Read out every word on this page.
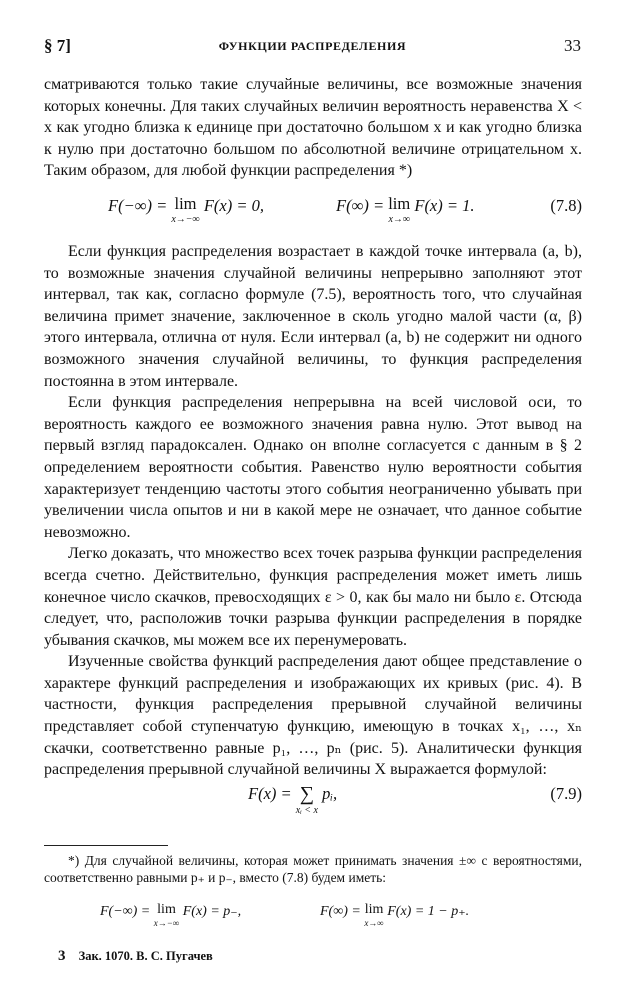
§ 7]	ФУНКЦИИ РАСПРЕДЕЛЕНИЯ	33

сматриваются только такие случайные величины, все возможные значения которых конечны. Для таких случайных величин вероятность неравенства X < x как угодно близка к единице при достаточно большом x и как угодно близка к нулю при достаточно большом по абсолютной величине отрицательном x. Таким образом, для любой функции распределения *)

F(−∞) = lim
x→−∞
F(x) = 0,	F(∞) = lim
x→∞
F(x) = 1.	(7.8)

Если функция распределения возрастает в каждой точке интервала (a, b), то возможные значения случайной величины непрерывно заполняют этот интервал, так как, согласно формуле (7.5), вероятность того, что случайная величина примет значение, заключенное в сколь угодно малой части (α, β) этого интервала, отлична от нуля. Если интервал (a, b) не содержит ни одного возможного значения случайной величины, то функция распределения постоянна в этом интервале.

Если функция распределения непрерывна на всей числовой оси, то вероятность каждого ее возможного значения равна нулю. Этот вывод на первый взгляд парадоксален. Однако он вполне согласуется с данным в § 2 определением вероятности события. Равенство нулю вероятности события характеризует тенденцию частоты этого события неограниченно убывать при увеличении числа опытов и ни в какой мере не означает, что данное событие невозможно.

Легко доказать, что множество всех точек разрыва функции распределения всегда счетно. Действительно, функция распределения может иметь лишь конечное число скачков, превосходящих ε > 0, как бы мало ни было ε. Отсюда следует, что, расположив точки разрыва функции распределения в порядке убывания скачков, мы можем все их перенумеровать.

Изученные свойства функций распределения дают общее представление о характере функций распределения и изображающих их кривых (рис. 4). В частности, функция распределения прерывной случайной величины представляет собой ступенчатую функцию, имеющую в точках x₁, …, xₙ скачки, соответственно равные p₁, …, pₙ (рис. 5). Аналитически функция распределения прерывной случайной величины X выражается формулой:

F(x) = ∑
xᵢ < x
pᵢ,	(7.9)

*) Для случайной величины, которая может принимать значения ±∞ с вероятностями, соответственно равными p₊ и p₋, вместо (7.8) будем иметь:

F(−∞) = lim
x→−∞
F(x) = p₋,	F(∞) = lim
x→∞
F(x) = 1 − p₊.
3 Зак. 1070. В. С. Пугачев
